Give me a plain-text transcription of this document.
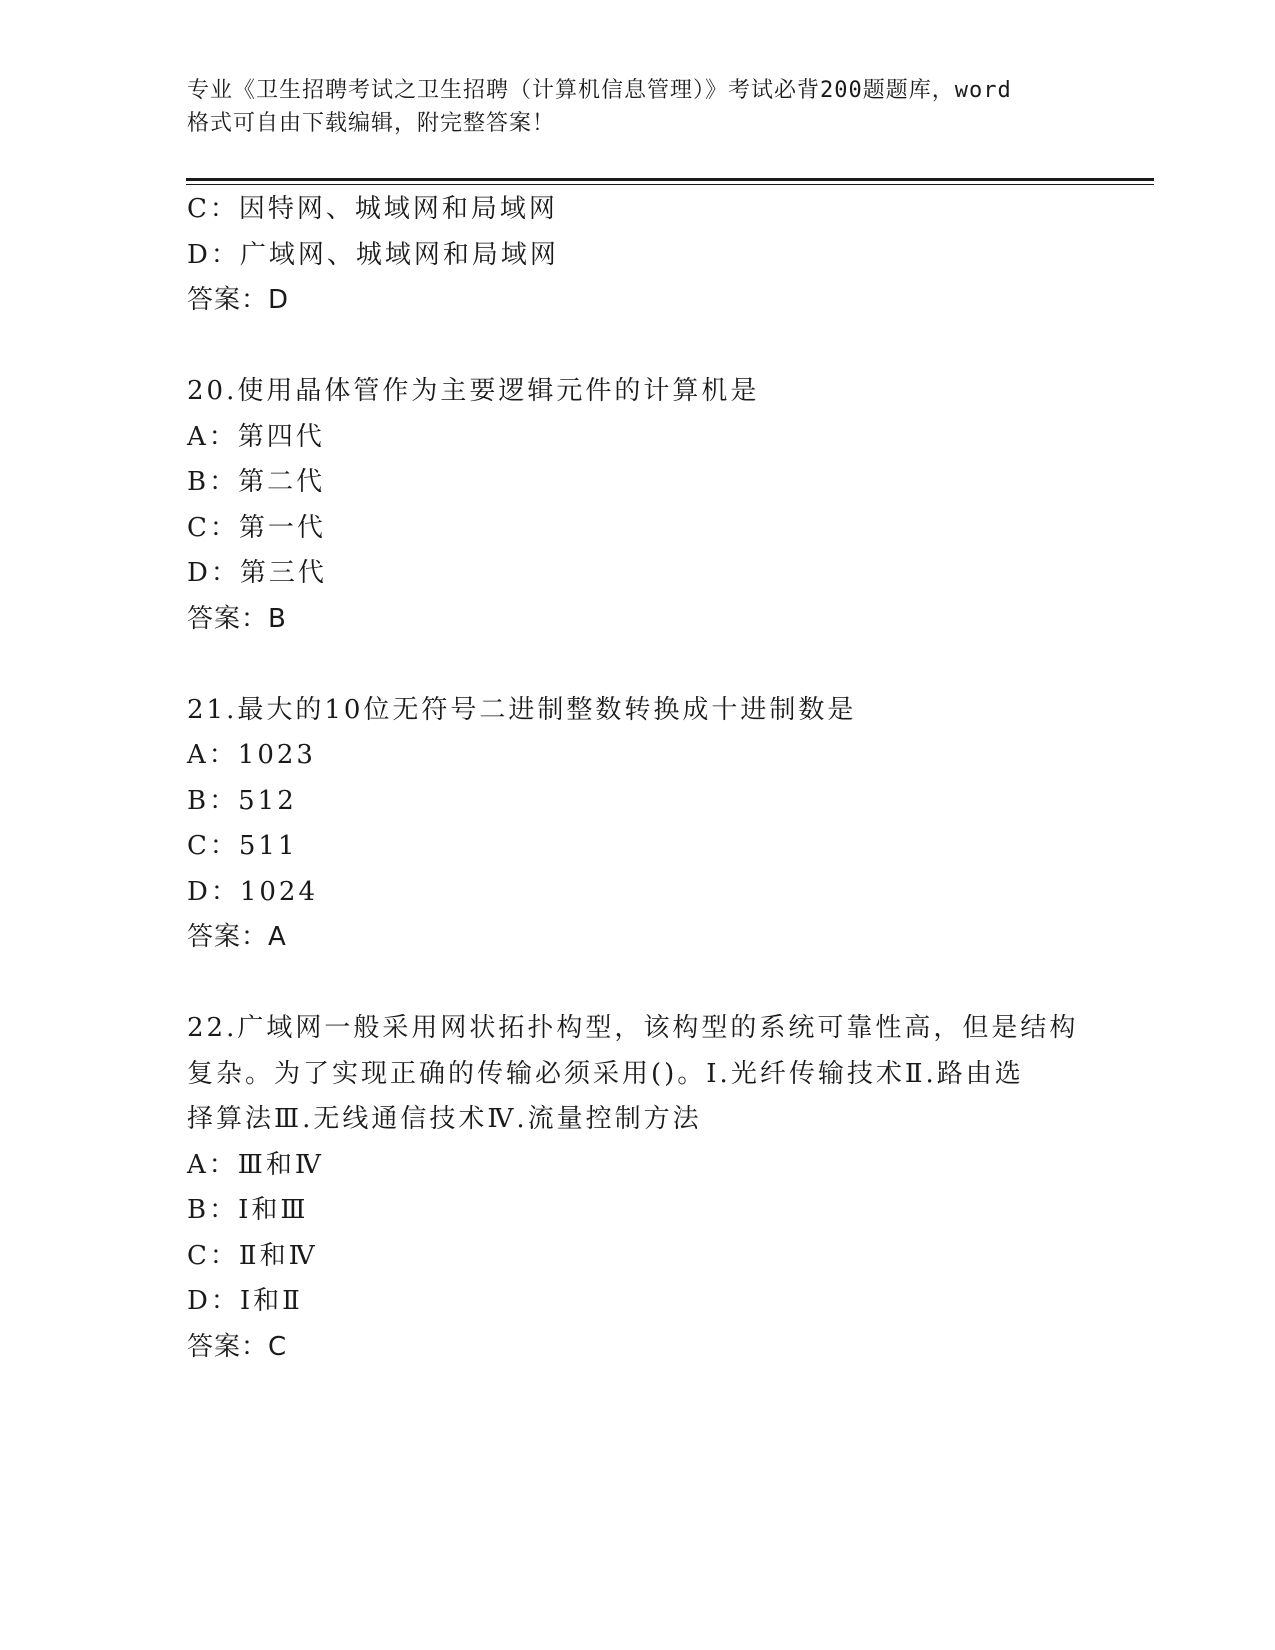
专业《卫生招聘考试之卫生招聘（计算机信息管理）》考试必背200题题库，word
格式可自由下载编辑，附完整答案！
C：因特网、城域网和局域网
D：广域网、城域网和局域网
答案：D
20.使用晶体管作为主要逻辑元件的计算机是
A：第四代
B：第二代
C：第一代
D：第三代
答案：B
21.最大的10位无符号二进制整数转换成十进制数是
A：1023
B：512
C：511
D：1024
答案：A
22.广域网一般采用网状拓扑构型，该构型的系统可靠性高，但是结构
复杂。为了实现正确的传输必须采用()。Ⅰ.光纤传输技术Ⅱ.路由选
择算法Ⅲ.无线通信技术Ⅳ.流量控制方法
A：Ⅲ和Ⅳ
B：Ⅰ和Ⅲ
C：Ⅱ和Ⅳ
D：Ⅰ和Ⅱ
答案：C
